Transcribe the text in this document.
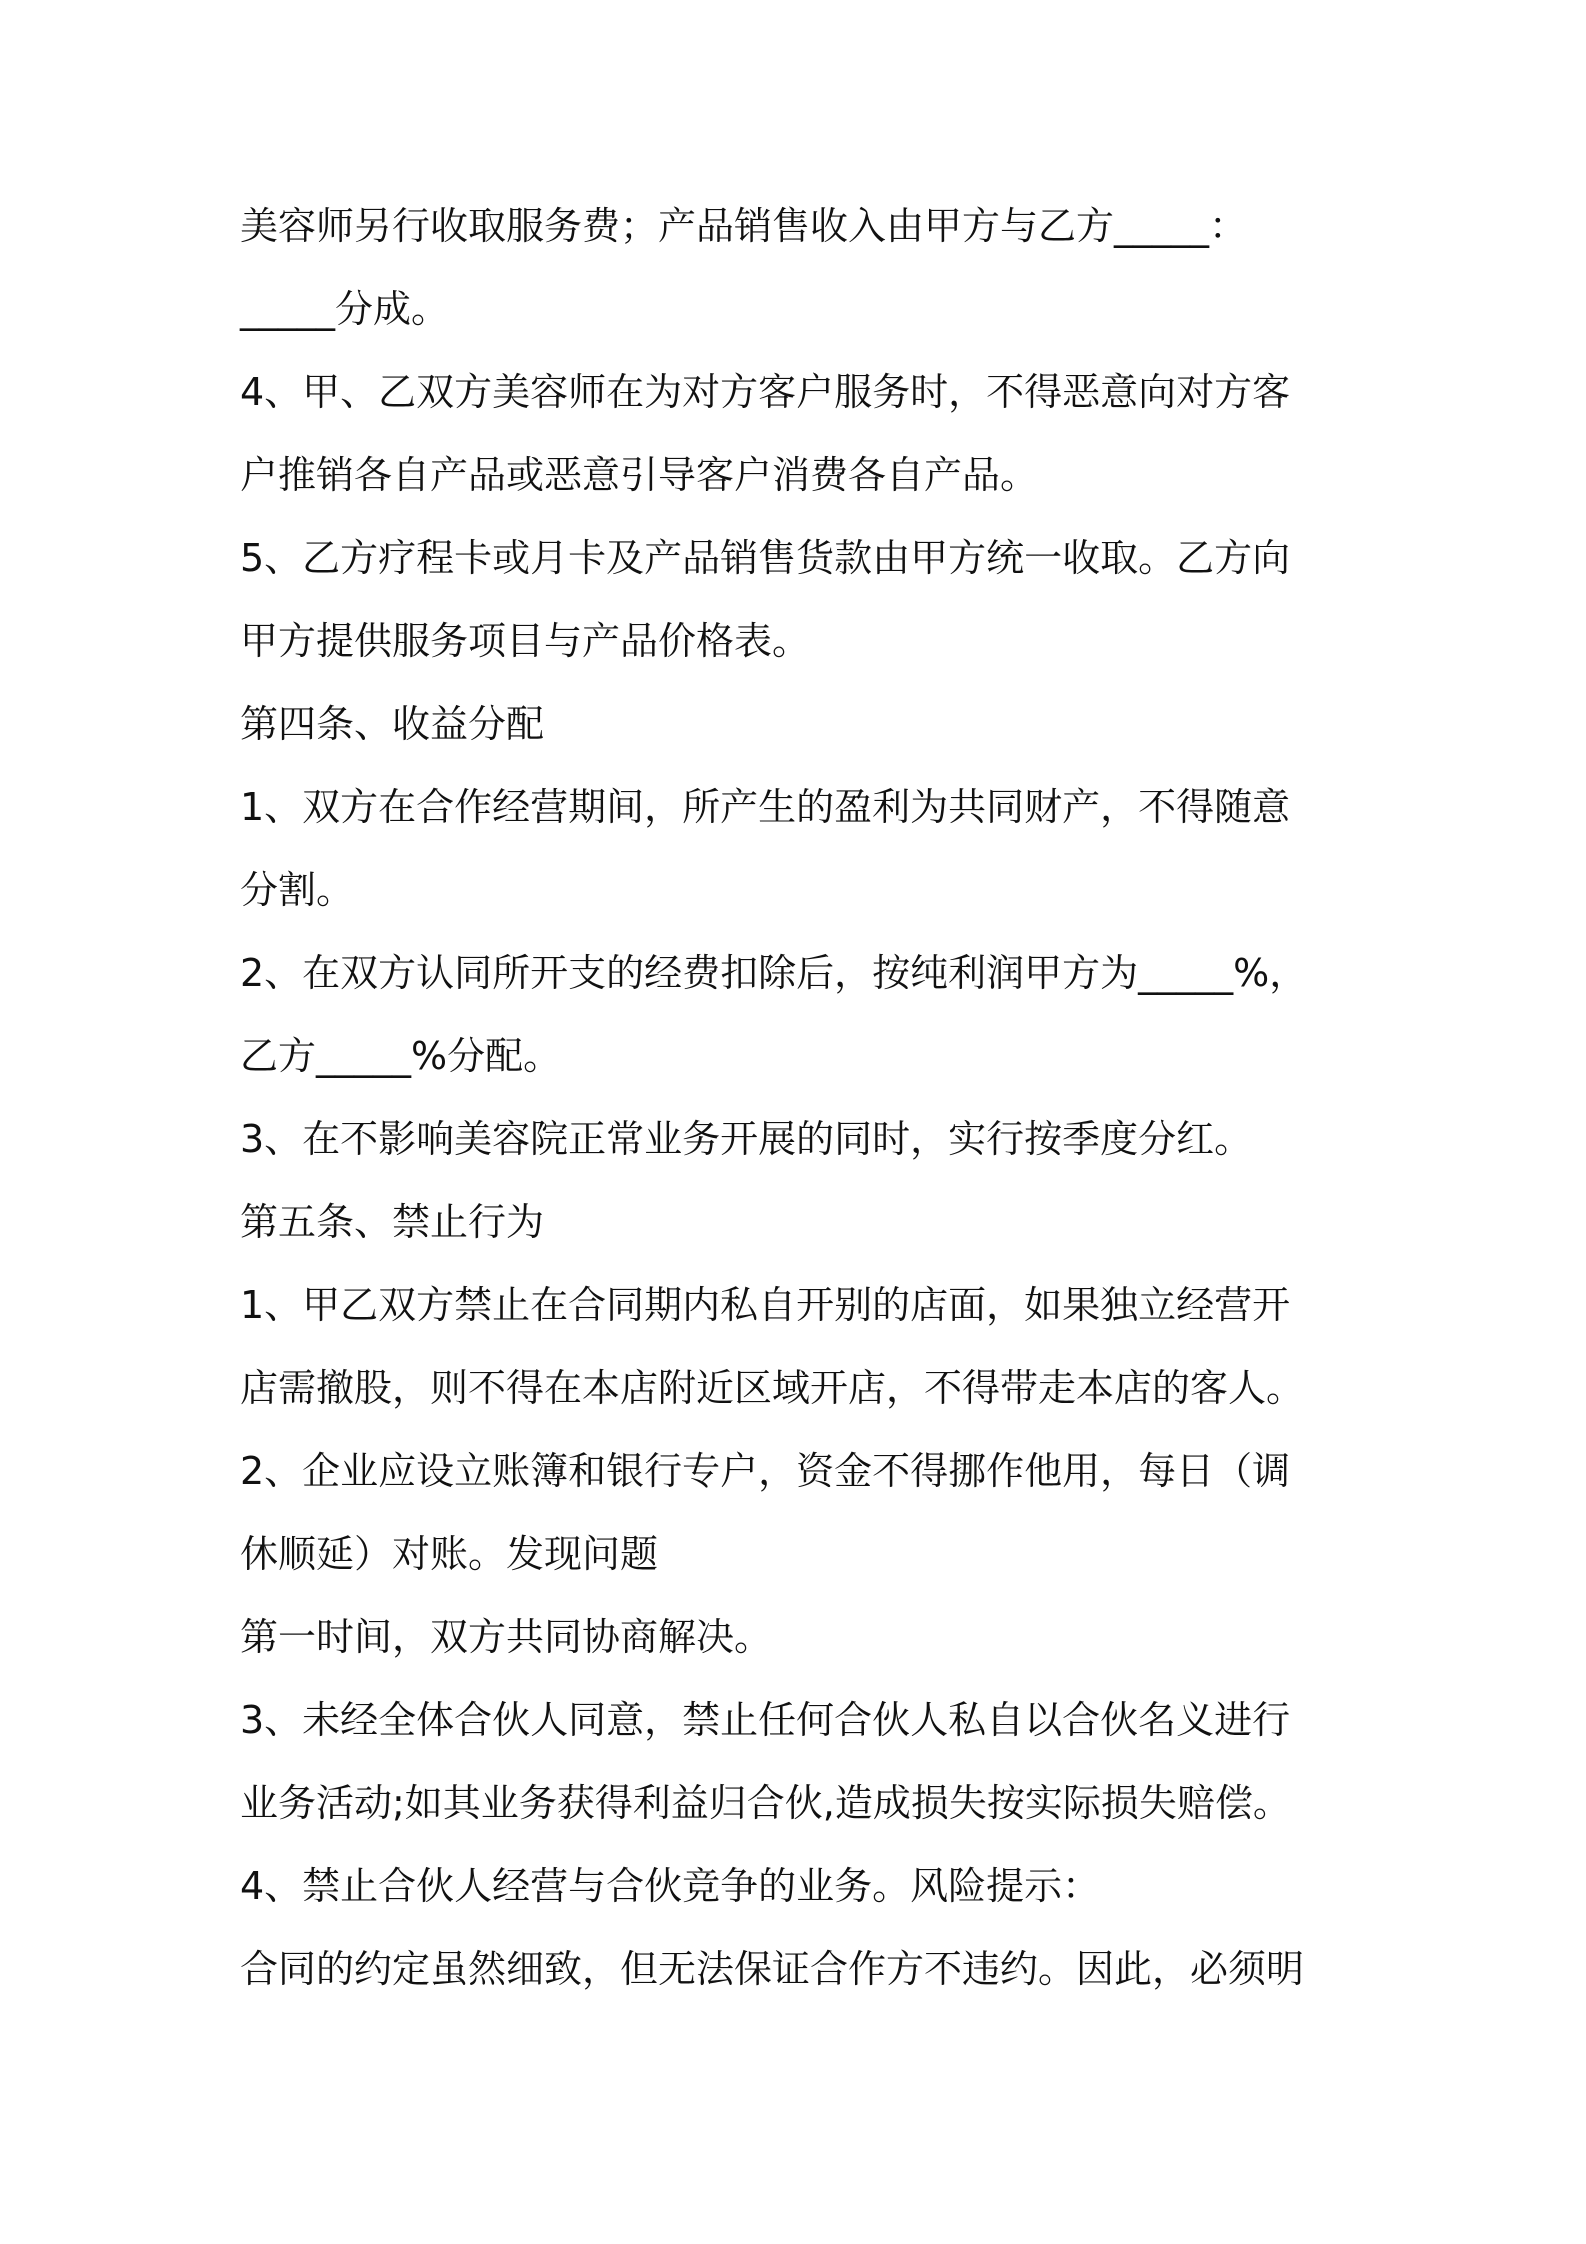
美容师另行收取服务费；产品销售收入由甲方与乙方_____：
_____分成。
4、甲、乙双方美容师在为对方客户服务时，不得恶意向对方客
户推销各自产品或恶意引导客户消费各自产品。
5、乙方疗程卡或月卡及产品销售货款由甲方统一收取。乙方向
甲方提供服务项目与产品价格表。
第四条、收益分配
1、双方在合作经营期间，所产生的盈利为共同财产，不得随意
分割。
2、在双方认同所开支的经费扣除后，按纯利润甲方为_____%，
乙方_____%分配。
3、在不影响美容院正常业务开展的同时，实行按季度分红。
第五条、禁止行为
1、甲乙双方禁止在合同期内私自开别的店面，如果独立经营开
店需撤股，则不得在本店附近区域开店，不得带走本店的客人。
2、企业应设立账簿和银行专户，资金不得挪作他用，每日（调
休顺延）对账。发现问题
第一时间，双方共同协商解决。
3、未经全体合伙人同意，禁止任何合伙人私自以合伙名义进行
业务活动;如其业务获得利益归合伙,造成损失按实际损失赔偿。
4、禁止合伙人经营与合伙竞争的业务。风险提示：
合同的约定虽然细致，但无法保证合作方不违约。因此，必须明
